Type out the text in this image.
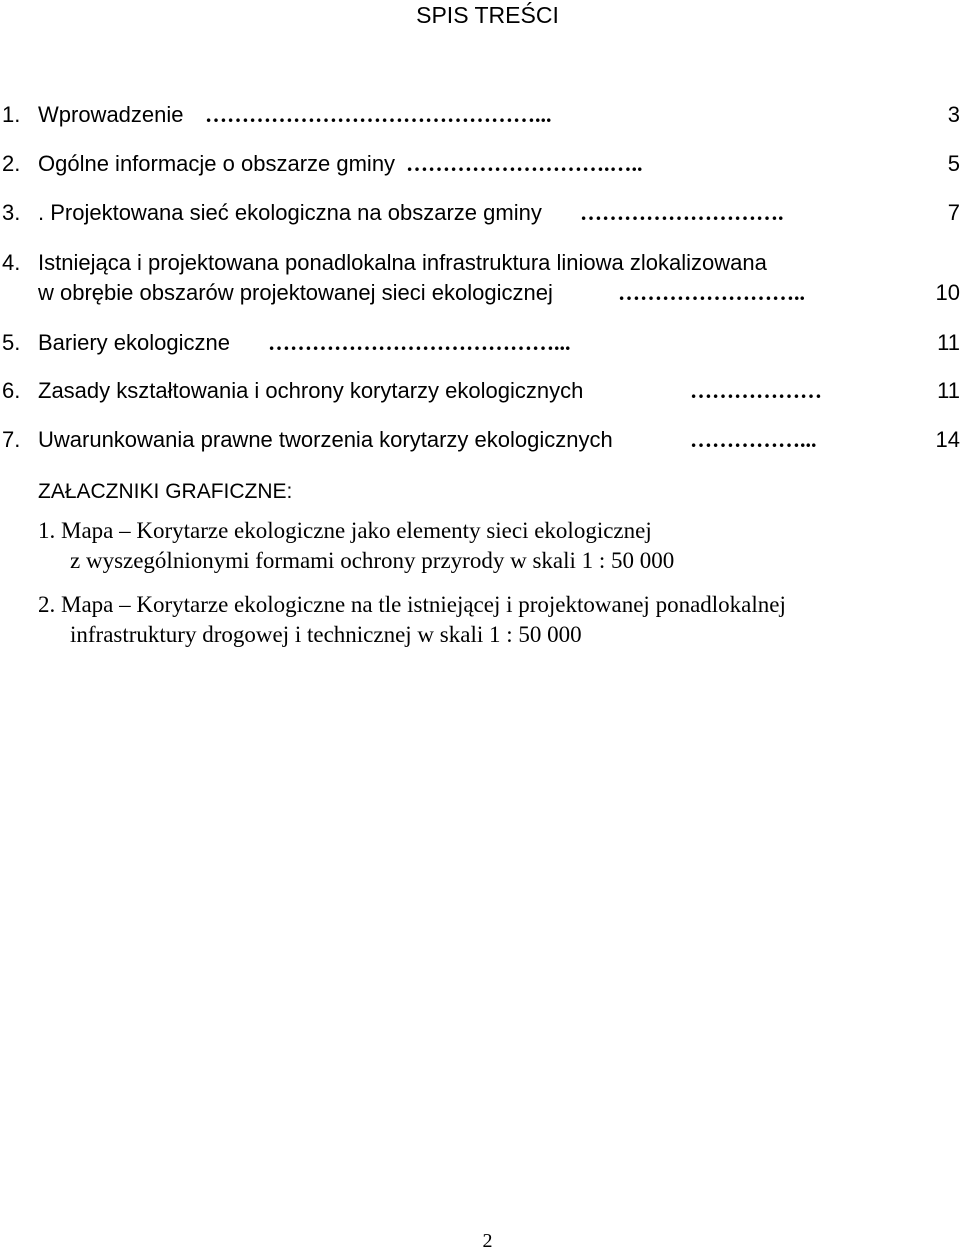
SPIS TREŚCI
1. Wprowadzenie ………………………………………...	3
2. Ogólne informacje o obszarze gminy ……………………….…..	5
3. . Projektowana sieć ekologiczna na obszarze gminy ……………………….	7
4. Istniejąca i projektowana ponadlokalna infrastruktura liniowa zlokalizowana
w obrębie obszarów projektowanej sieci ekologicznej	……………………..	10
5. Bariery ekologiczne …………………………………...	11
6. Zasady kształtowania i ochrony korytarzy ekologicznych	………………	11
7. Uwarunkowania prawne tworzenia korytarzy ekologicznych	……………...	14
ZAŁACZNIKI GRAFICZNE:
1. Mapa – Korytarze ekologiczne jako elementy sieci ekologicznej
z wyszególnionymi formami ochrony przyrody w skali 1 : 50 000
2. Mapa – Korytarze ekologiczne na tle istniejącej i projektowanej ponadlokalnej
infrastruktury drogowej i technicznej w skali 1 : 50 000
2
